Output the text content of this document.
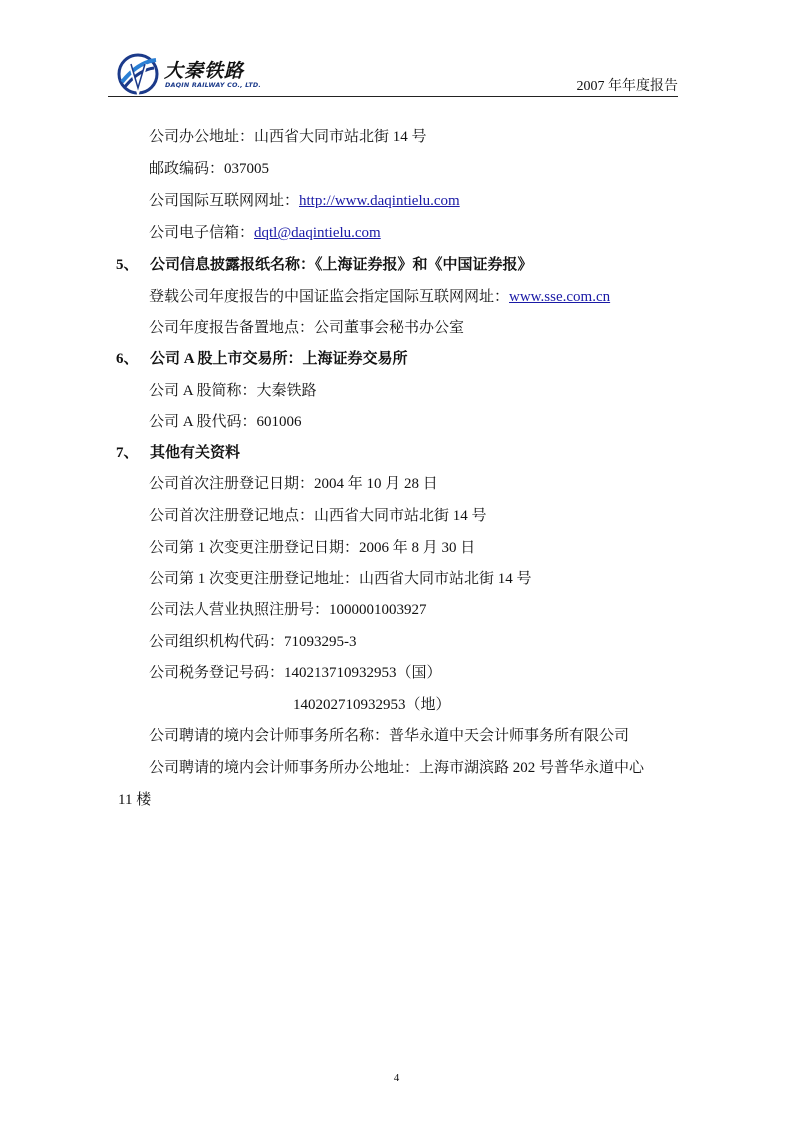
大秦铁路
DAQIN RAILWAY CO., LTD.	2007 年年度报告
公司办公地址：山西省大同市站北街 14 号
邮政编码：037005
公司国际互联网网址：http://www.daqintielu.com
公司电子信箱：dqtl@daqintielu.com
5、 公司信息披露报纸名称：《上海证券报》和《中国证券报》
登载公司年度报告的中国证监会指定国际互联网网址：www.sse.com.cn
公司年度报告备置地点：公司董事会秘书办公室
6、 公司 A 股上市交易所：上海证券交易所
公司 A 股简称：大秦铁路
公司 A 股代码：601006
7、 其他有关资料
公司首次注册登记日期：2004 年 10 月 28 日
公司首次注册登记地点：山西省大同市站北街 14 号
公司第 1 次变更注册登记日期：2006 年 8 月 30 日
公司第 1 次变更注册登记地址：山西省大同市站北街 14 号
公司法人营业执照注册号：1000001003927
公司组织机构代码：71093295-3
公司税务登记号码：140213710932953（国）
140202710932953（地）
公司聘请的境内会计师事务所名称：普华永道中天会计师事务所有限公司
公司聘请的境内会计师事务所办公地址：上海市湖滨路 202 号普华永道中心
11 楼
4
